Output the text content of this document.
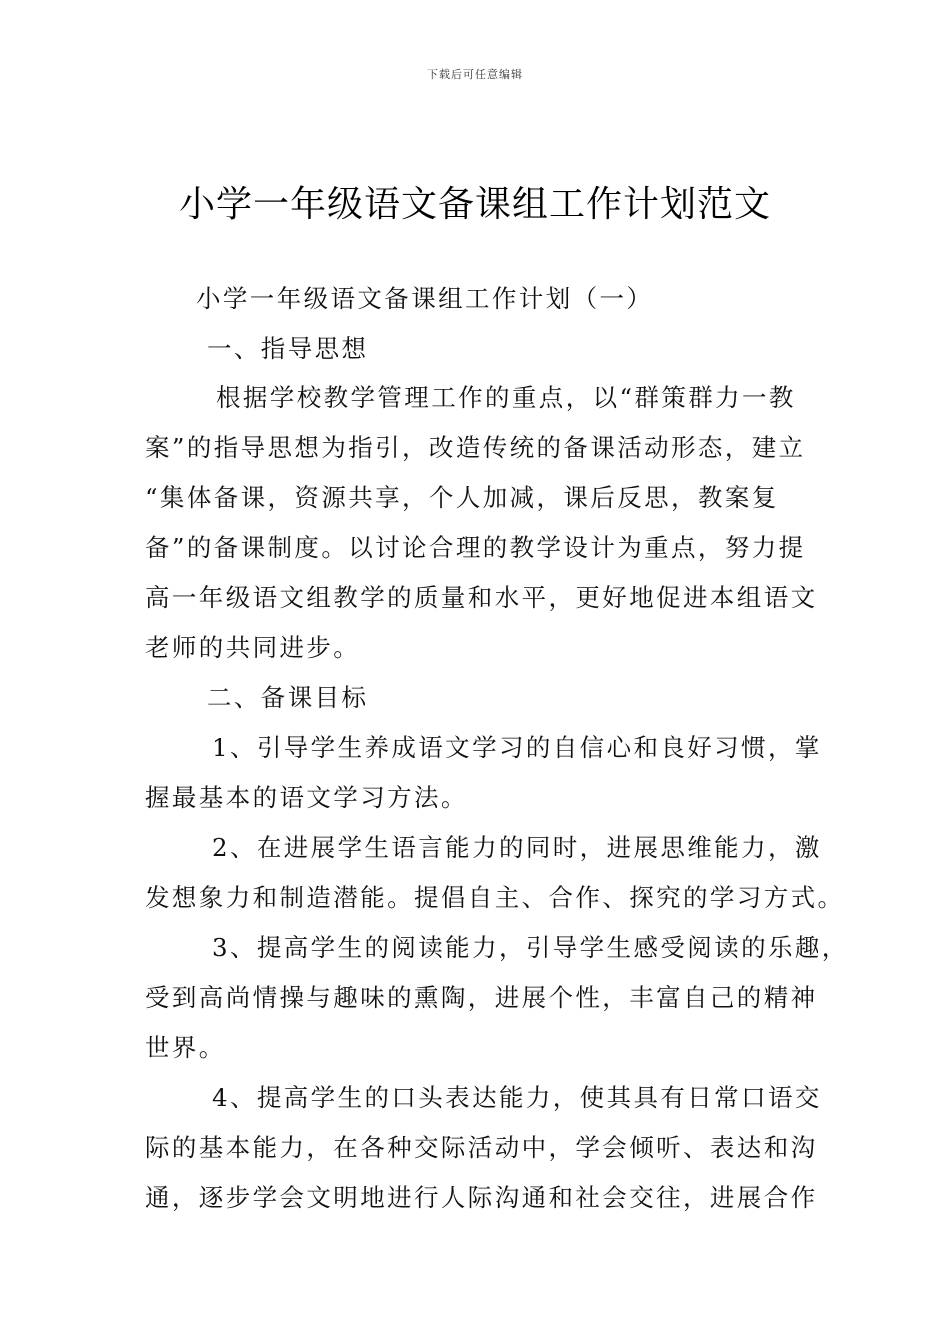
下载后可任意编辑
小学一年级语文备课组工作计划范文

小学一年级语文备课组工作计划（一）

一、指导思想

根据学校教学管理工作的重点，以“群策群力一教

案”的指导思想为指引，改造传统的备课活动形态，建立

“集体备课，资源共享，个人加减，课后反思，教案复

备”的备课制度。以讨论合理的教学设计为重点，努力提

高一年级语文组教学的质量和水平，更好地促进本组语文

老师的共同进步。

二、备课目标

1、引导学生养成语文学习的自信心和良好习惯，掌

握最基本的语文学习方法。

2、在进展学生语言能力的同时，进展思维能力，激

发想象力和制造潜能。提倡自主、合作、探究的学习方式。

3、提高学生的阅读能力，引导学生感受阅读的乐趣，

受到高尚情操与趣味的熏陶，进展个性，丰富自己的精神

世界。

4、提高学生的口头表达能力，使其具有日常口语交

际的基本能力，在各种交际活动中，学会倾听、表达和沟

通，逐步学会文明地进行人际沟通和社会交往，进展合作
